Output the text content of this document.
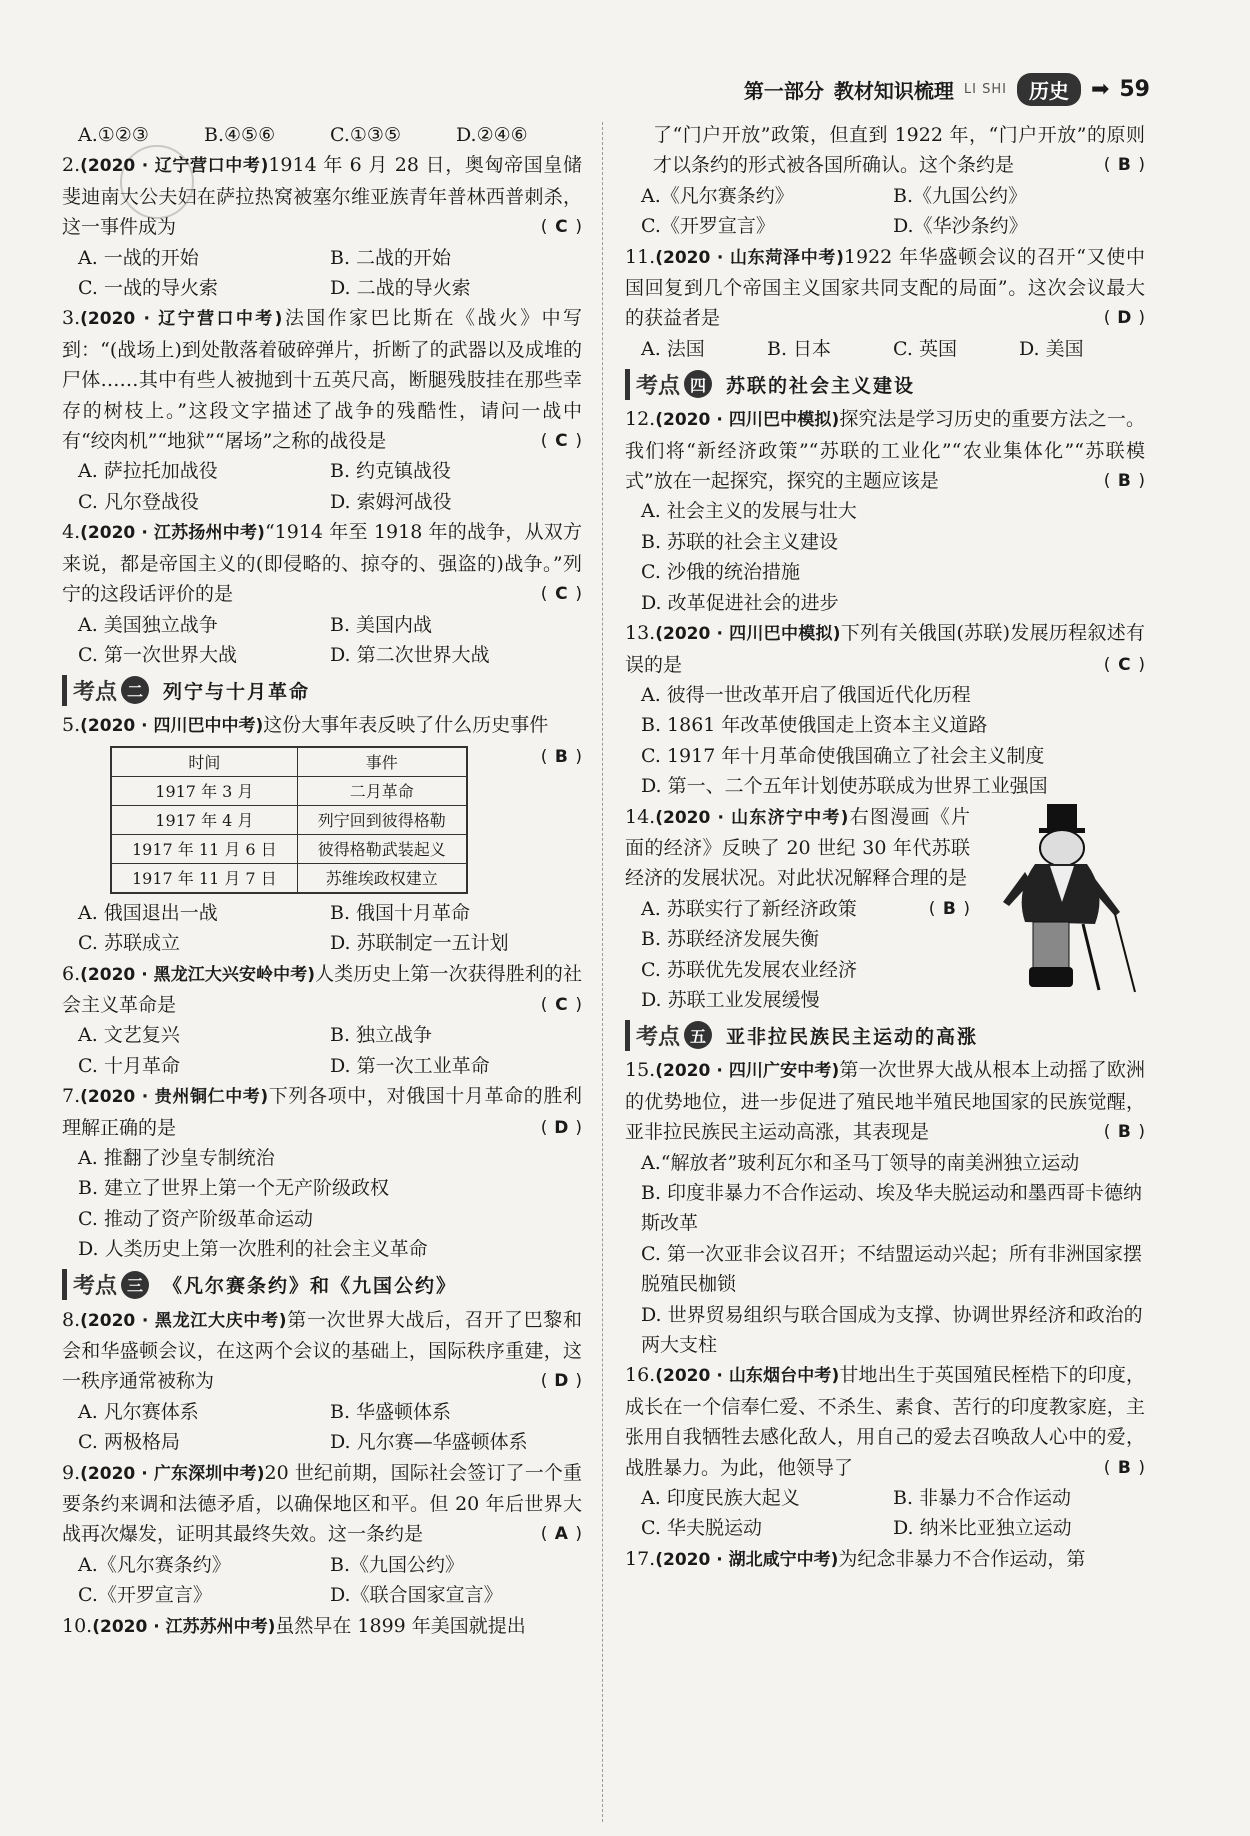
第一部分 教材知识梳理 LI SHI	历史	➡ 59
A.①②③	B.④⑤⑥	C.①③⑤	D.②④⑥
2.(2020 · 辽宁营口中考)1914 年 6 月 28 日，奥匈帝国皇储斐迪南大公夫妇在萨拉热窝被塞尔维亚族青年普林西普刺杀，这一事件成为	( C )
A. 一战的开始	B. 二战的开始
C. 一战的导火索	D. 二战的导火索
3.(2020 · 辽宁营口中考)法国作家巴比斯在《战火》中写到：“(战场上)到处散落着破碎弹片，折断了的武器以及成堆的尸体……其中有些人被抛到十五英尺高，断腿残肢挂在那些幸存的树枝上。”这段文字描述了战争的残酷性，请问一战中有“绞肉机”“地狱”“屠场”之称的战役是	( C )
A. 萨拉托加战役	B. 约克镇战役
C. 凡尔登战役	D. 索姆河战役
4.(2020 · 江苏扬州中考)“1914 年至 1918 年的战争，从双方来说，都是帝国主义的(即侵略的、掠夺的、强盗的)战争。”列宁的这段话评价的是	( C )
A. 美国独立战争	B. 美国内战
C. 第一次世界大战	D. 第二次世界大战
考点 二	列宁与十月革命
5.(2020 · 四川巴中中考)这份大事年表反映了什么历史事件
( B )
时间	事件
1917 年 3 月	二月革命
1917 年 4 月	列宁回到彼得格勒
1917 年 11 月 6 日	彼得格勒武装起义
1917 年 11 月 7 日	苏维埃政权建立
A. 俄国退出一战	B. 俄国十月革命
C. 苏联成立	D. 苏联制定一五计划
6.(2020 · 黑龙江大兴安岭中考)人类历史上第一次获得胜利的社会主义革命是	( C )
A. 文艺复兴	B. 独立战争
C. 十月革命	D. 第一次工业革命
7.(2020 · 贵州铜仁中考)下列各项中，对俄国十月革命的胜利理解正确的是	( D )
A. 推翻了沙皇专制统治
B. 建立了世界上第一个无产阶级政权
C. 推动了资产阶级革命运动
D. 人类历史上第一次胜利的社会主义革命
考点 三	《凡尔赛条约》和《九国公约》
8.(2020 · 黑龙江大庆中考)第一次世界大战后，召开了巴黎和会和华盛顿会议，在这两个会议的基础上，国际秩序重建，这一秩序通常被称为	( D )
A. 凡尔赛体系	B. 华盛顿体系
C. 两极格局	D. 凡尔赛—华盛顿体系
9.(2020 · 广东深圳中考)20 世纪前期，国际社会签订了一个重要条约来调和法德矛盾，以确保地区和平。但 20 年后世界大战再次爆发，证明其最终失效。这一条约是	( A )
A.《凡尔赛条约》	B.《九国公约》
C.《开罗宣言》	D.《联合国家宣言》
10.(2020 · 江苏苏州中考)虽然早在 1899 年美国就提出
了“门户开放”政策，但直到 1922 年，“门户开放”的原则才以条约的形式被各国所确认。这个条约是	( B )
A.《凡尔赛条约》	B.《九国公约》
C.《开罗宣言》	D.《华沙条约》
11.(2020 · 山东菏泽中考)1922 年华盛顿会议的召开“又使中国回复到几个帝国主义国家共同支配的局面”。这次会议最大的获益者是	( D )
A. 法国	B. 日本	C. 英国	D. 美国
考点 四	苏联的社会主义建设
12.(2020 · 四川巴中模拟)探究法是学习历史的重要方法之一。我们将“新经济政策”“苏联的工业化”“农业集体化”“苏联模式”放在一起探究，探究的主题应该是	( B )
A. 社会主义的发展与壮大
B. 苏联的社会主义建设
C. 沙俄的统治措施
D. 改革促进社会的进步
13.(2020 · 四川巴中模拟)下列有关俄国(苏联)发展历程叙述有误的是	( C )
A. 彼得一世改革开启了俄国近代化历程
B. 1861 年改革使俄国走上资本主义道路
C. 1917 年十月革命使俄国确立了社会主义制度
D. 第一、二个五年计划使苏联成为世界工业强国
14.(2020 · 山东济宁中考)右图漫画《片面的经济》反映了 20 世纪 30 年代苏联经济的发展状况。对此状况解释合理的是
( B )
A. 苏联实行了新经济政策
B. 苏联经济发展失衡
C. 苏联优先发展农业经济
D. 苏联工业发展缓慢
考点 五	亚非拉民族民主运动的高涨
15.(2020 · 四川广安中考)第一次世界大战从根本上动摇了欧洲的优势地位，进一步促进了殖民地半殖民地国家的民族觉醒，亚非拉民族民主运动高涨，其表现是	( B )
A.“解放者”玻利瓦尔和圣马丁领导的南美洲独立运动
B. 印度非暴力不合作运动、埃及华夫脱运动和墨西哥卡德纳斯改革
C. 第一次亚非会议召开；不结盟运动兴起；所有非洲国家摆脱殖民枷锁
D. 世界贸易组织与联合国成为支撑、协调世界经济和政治的两大支柱
16.(2020 · 山东烟台中考)甘地出生于英国殖民桎梏下的印度，成长在一个信奉仁爱、不杀生、素食、苦行的印度教家庭，主张用自我牺牲去感化敌人，用自己的爱去召唤敌人心中的爱，战胜暴力。为此，他领导了	( B )
A. 印度民族大起义	B. 非暴力不合作运动
C. 华夫脱运动	D. 纳米比亚独立运动
17.(2020 · 湖北咸宁中考)为纪念非暴力不合作运动，第
